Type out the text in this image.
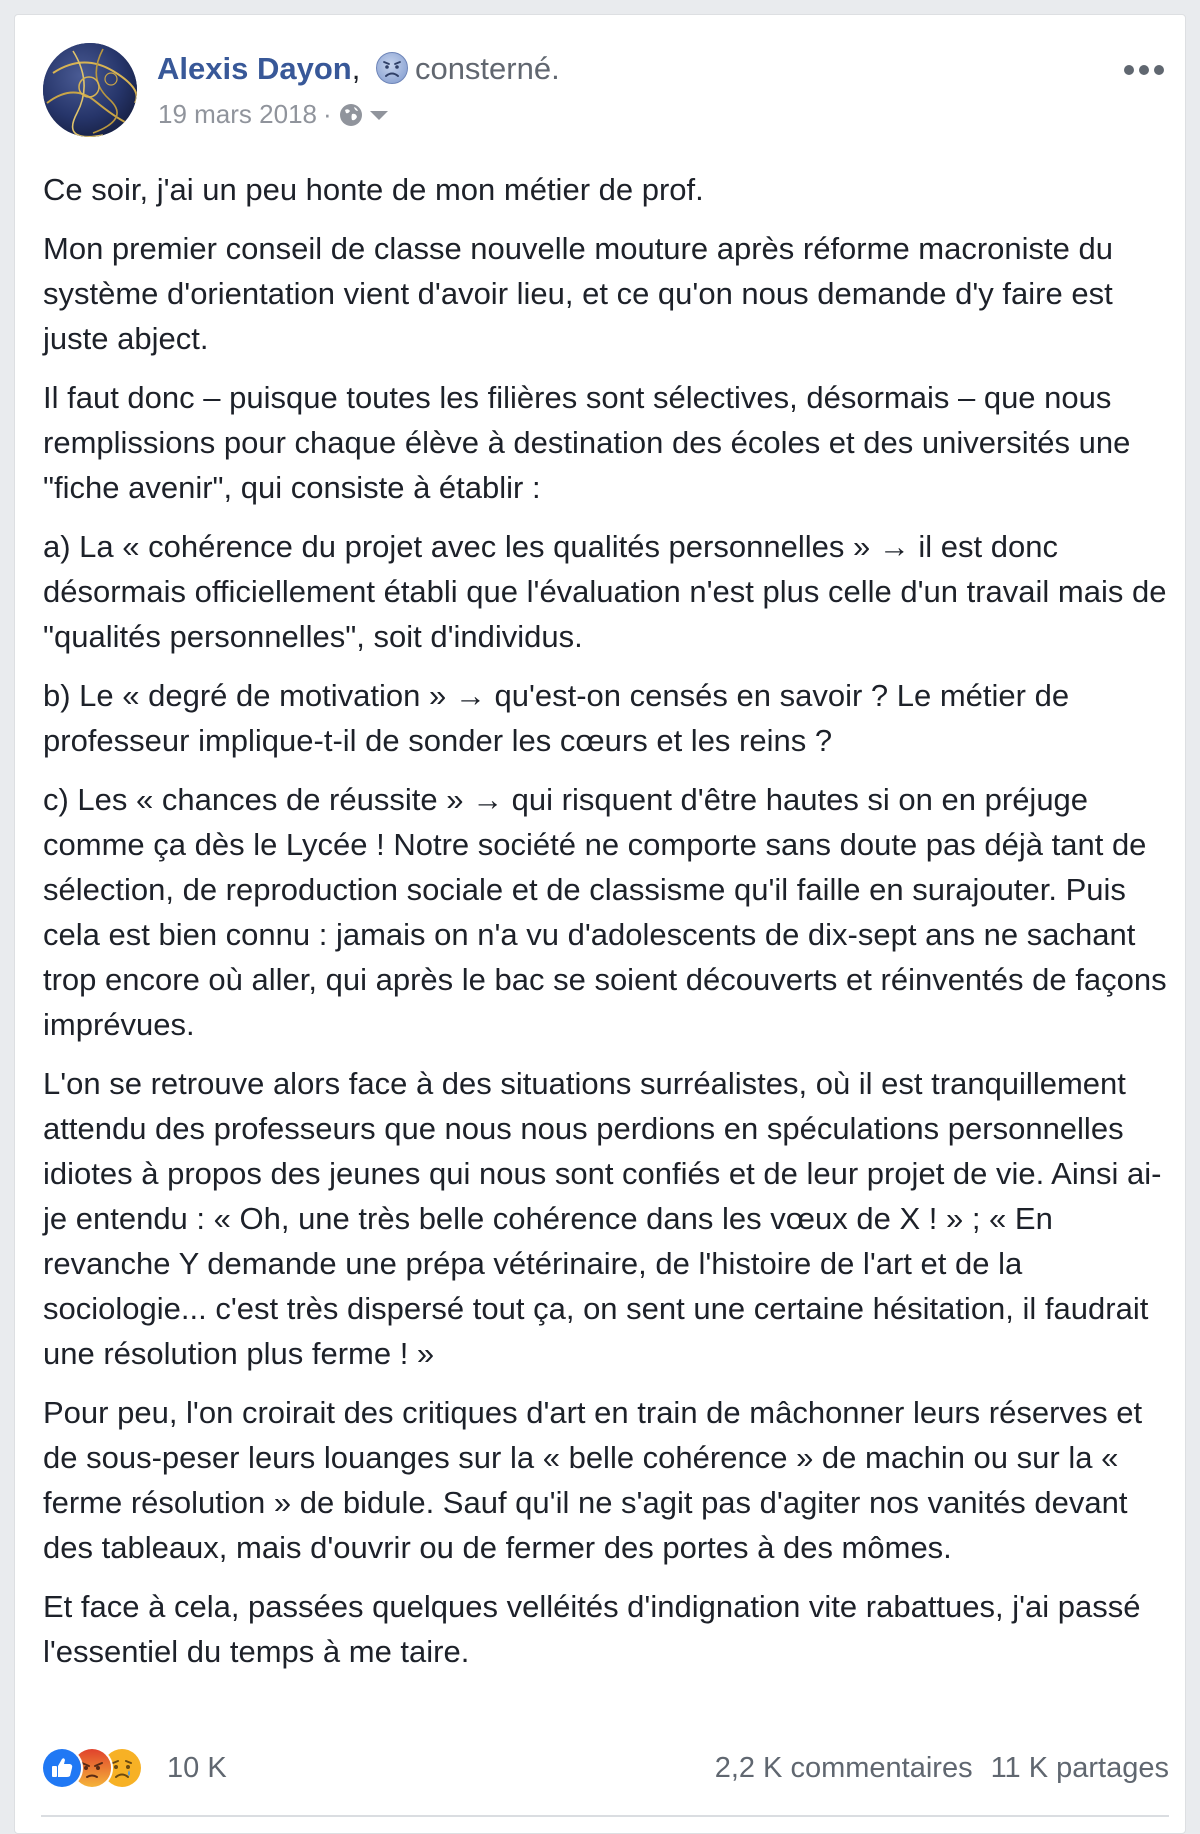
Alexis Dayon, consterné.
19 mars 2018 ·

Ce soir, j'ai un peu honte de mon métier de prof.

Mon premier conseil de classe nouvelle mouture après réforme macroniste du système d'orientation vient d'avoir lieu, et ce qu'on nous demande d'y faire est juste abject.

Il faut donc – puisque toutes les filières sont sélectives, désormais – que nous remplissions pour chaque élève à destination des écoles et des universités une "fiche avenir", qui consiste à établir :

a) La « cohérence du projet avec les qualités personnelles » → il est donc désormais officiellement établi que l'évaluation n'est plus celle d'un travail mais de "qualités personnelles", soit d'individus.

b) Le « degré de motivation » → qu'est-on censés en savoir ? Le métier de professeur implique-t-il de sonder les cœurs et les reins ?

c) Les « chances de réussite » → qui risquent d'être hautes si on en préjuge comme ça dès le Lycée ! Notre société ne comporte sans doute pas déjà tant de sélection, de reproduction sociale et de classisme qu'il faille en surajouter. Puis cela est bien connu : jamais on n'a vu d'adolescents de dix-sept ans ne sachant trop encore où aller, qui après le bac se soient découverts et réinventés de façons imprévues.

L'on se retrouve alors face à des situations surréalistes, où il est tranquillement attendu des professeurs que nous nous perdions en spéculations personnelles idiotes à propos des jeunes qui nous sont confiés et de leur projet de vie. Ainsi ai-je entendu : « Oh, une très belle cohérence dans les vœux de X ! » ; « En revanche Y demande une prépa vétérinaire, de l'histoire de l'art et de la sociologie... c'est très dispersé tout ça, on sent une certaine hésitation, il faudrait une résolution plus ferme ! »

Pour peu, l'on croirait des critiques d'art en train de mâchonner leurs réserves et de sous-peser leurs louanges sur la « belle cohérence » de machin ou sur la « ferme résolution » de bidule. Sauf qu'il ne s'agit pas d'agiter nos vanités devant des tableaux, mais d'ouvrir ou de fermer des portes à des mômes.

Et face à cela, passées quelques velléités d'indignation vite rabattues, j'ai passé l'essentiel du temps à me taire.

10 K	2,2 K commentaires 11 K partages
